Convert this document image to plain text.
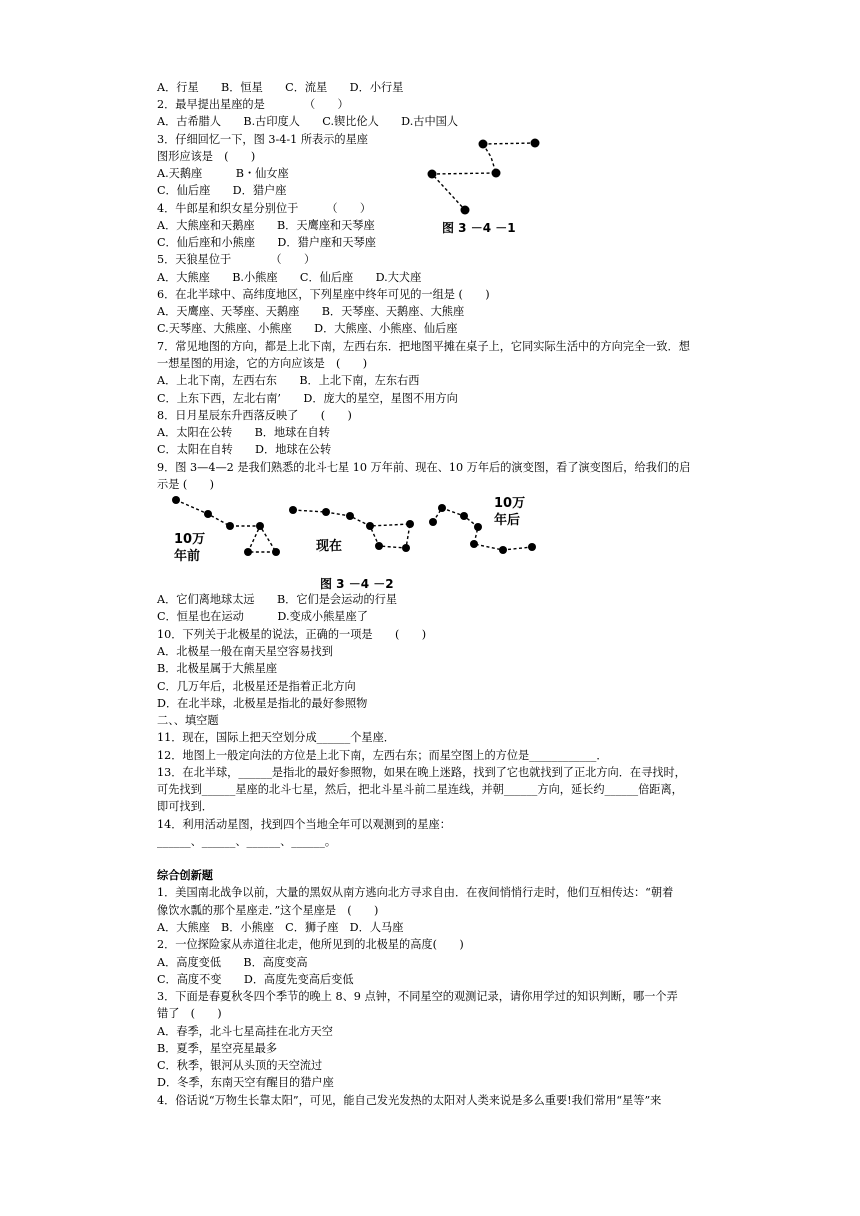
A．行星　　B．恒星　　C．流星　　D．小行星
2．最早提出星座的是　　　　（　　）
A．古希腊人　　B.古印度人　　C.锲比伦人　　D.古中国人
3．仔细回忆一下，图 3-4-1 所表示的星座
图形应该是　(　　)
A.天鹅座　　　B・仙女座
C．仙后座　　D．猎户座
4．牛郎星和织女星分别位于　　　（　　）
A．大熊座和天鹅座　　B．天鹰座和天琴座
C．仙后座和小熊座　　D．猎户座和天琴座
5．天狼星位于　　　　（　　）
A．大熊座　　B.小熊座　　C．仙后座　　D.大犬座
6．在北半球中、高纬度地区，下列星座中终年可见的一组是 (　　)
A．天鹰座、天琴座、天鹅座　　B．天琴座、天鹅座、大熊座
C.天琴座、大熊座、小熊座　　D．大熊座、小熊座、仙后座
7．常见地图的方向，都是上北下南，左西右东．把地图平摊在桌子上，它同实际生活中的方向完全一致．想
一想星图的用途，它的方向应该是　(　　)
A．上北下南，左西右东　　B．上北下南，左东右西
C．上东下西，左北右南’　　D．庞大的星空，星图不用方向
8．日月星辰东升西落反映了　　(　　)
A．太阳在公转　　B．地球在自转
C．太阳在自转　　D．地球在公转
9．图 3—4—2 是我们熟悉的北斗七星 10 万年前、现在、10 万年后的演变图，看了演变图后，给我们的启
示是 (　　)
A．它们离地球太远　　B．它们是会运动的行星
C．恒星也在运动　　　D.变成小熊星座了
10．下列关于北极星的说法，正确的一项是　　(　　)
A．北极星一般在南天星空容易找到
B．北极星属于大熊星座
C．几万年后，北极星还是指着正北方向
D．在北半球，北极星是指北的最好参照物
二、、填空题
11．现在，国际上把天空划分成______个星座．
12．地图上一般定向法的方位是上北下南，左西右东；而星空图上的方位是____________．
13．在北半球，______是指北的最好参照物，如果在晚上迷路，找到了它也就找到了正北方向．在寻找时，
可先找到______星座的北斗七星，然后，把北斗星斗前二星连线，并朝______方向，延长约______倍距离，
即可找到．
14．利用活动星图，找到四个当地全年可以观测到的星座：
______、______、______、______。
综合创新题
1．美国南北战争以前，大量的黑奴从南方逃向北方寻求自由．在夜间悄悄行走时，他们互相传达：“朝着
像饮水瓢的那个星座走．”这个星座是　(　　)
A．大熊座　B．小熊座　C．狮子座　D．人马座
2．一位探险家从赤道往北走，他所见到的北极星的高度(　　)
A．高度变低　　B．高度变高
C．高度不变　　D．高度先变高后变低
3．下面是春夏秋冬四个季节的晚上 8、9 点钟，不同星空的观测记录，请你用学过的知识判断，哪一个弄
错了　(　　)
A．春季，北斗七星高挂在北方天空
B．夏季，星空亮星最多
C．秋季，银河从头顶的天空流过
D．冬季，东南天空有醒目的猎户座
4．俗话说“万物生长靠太阳”，可见，能自己发光发热的太阳对人类来说是多么重要!我们常用“星等”来
图 3 －4 －1
10万
年前
现在
10万
年后
图 3 －4 －2
